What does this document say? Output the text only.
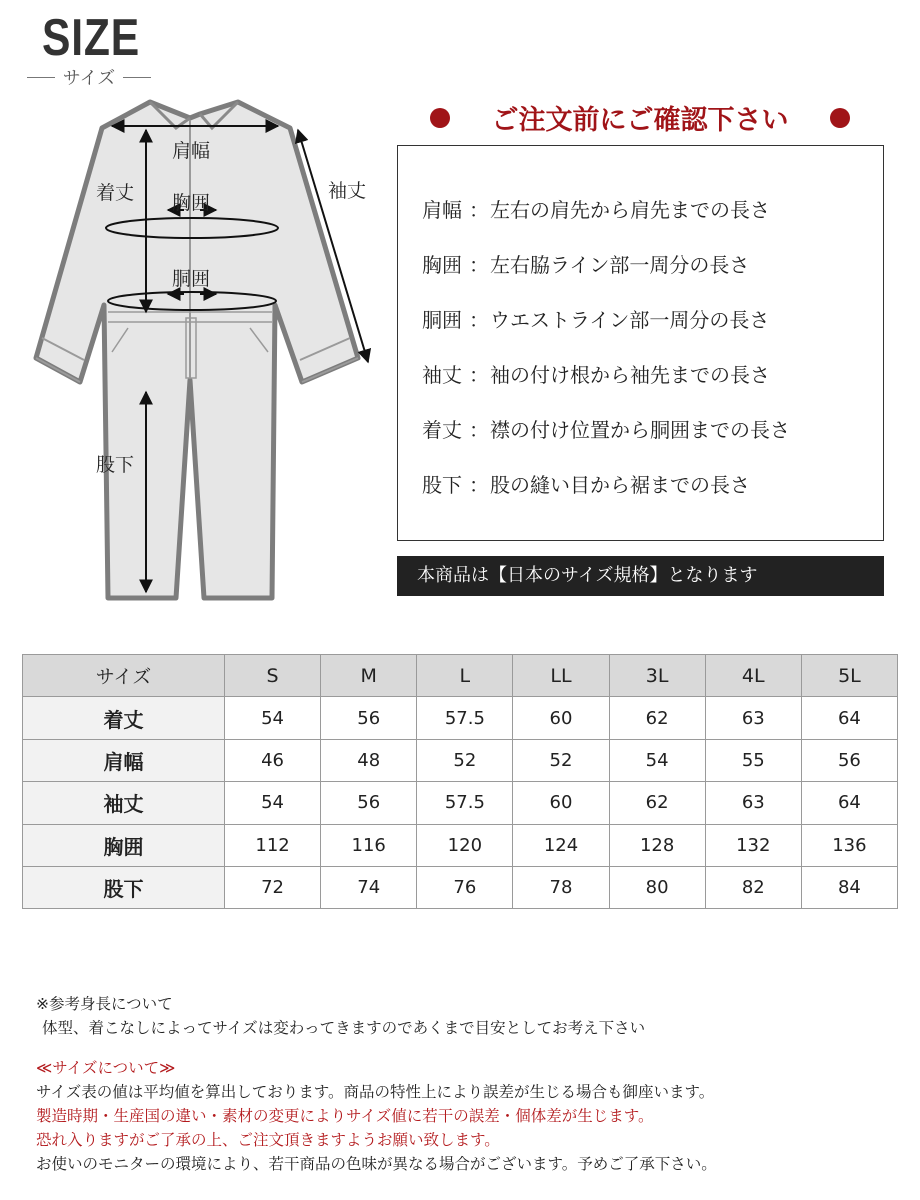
SIZE
サイズ
肩幅
着丈 胸囲
胴囲
袖丈
股下
ご注文前にご確認下さい
肩幅 ：左右の肩先から肩先までの長さ
胸囲 ：左右脇ライン部一周分の長さ
胴囲 ：ウエストライン部一周分の長さ
袖丈 ：袖の付け根から袖先までの長さ
着丈 ：襟の付け位置から胴囲までの長さ
股下 ：股の縫い目から裾までの長さ
本商品は【日本のサイズ規格】となります
サイズ	S	M	L	LL	3L	4L	5L
着丈	54	56	57.5	60	62	63	64
肩幅	46	48	52	52	54	55	56
袖丈	54	56	57.5	60	62	63	64
胸囲	112	116	120	124	128	132	136
股下	72	74	76	78	80	82	84
※参考身長について
体型、着こなしによってサイズは変わってきますのであくまで目安としてお考え下さい
≪サイズについて≫
サイズ表の値は平均値を算出しております。商品の特性上により誤差が生じる場合も御座います。
製造時期・生産国の違い・素材の変更によりサイズ値に若干の誤差・個体差が生じます。
恐れ入りますがご了承の上、ご注文頂きますようお願い致します。
お使いのモニターの環境により、若干商品の色味が異なる場合がございます。予めご了承下さい。
